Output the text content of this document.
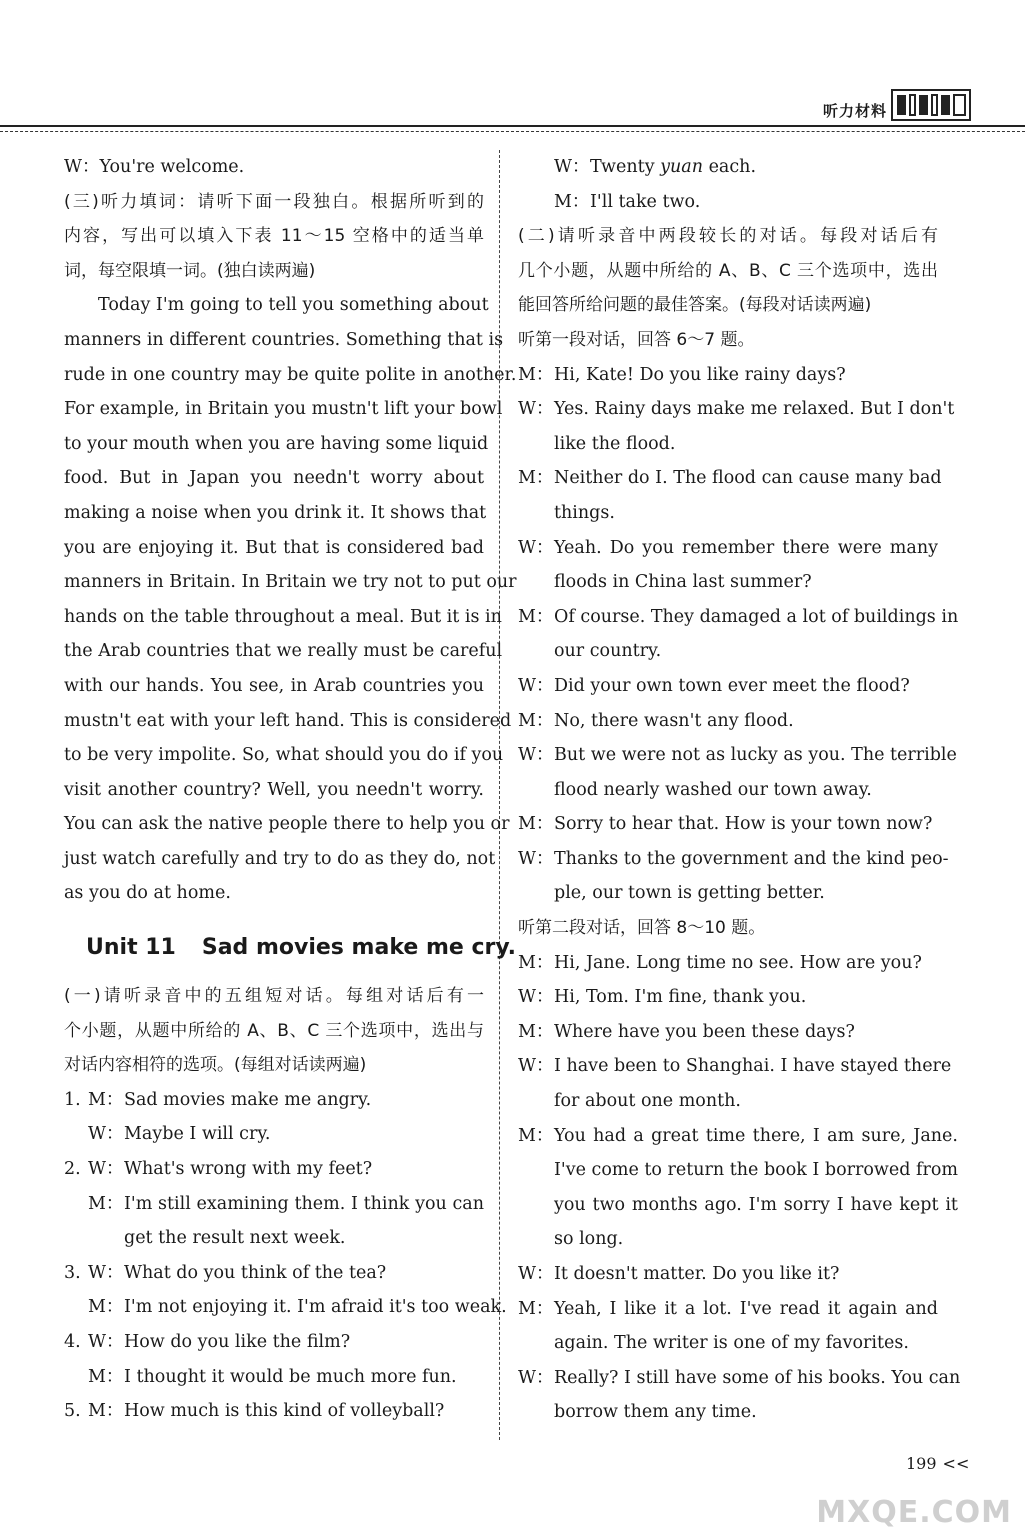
听力材料
W：You're welcome.
(三)听力填词：请听下面一段独白。根据所听到的
内容，写出可以填入下表 11～15 空格中的适当单
词，每空限填一词。(独白读两遍)
Today I'm going to tell you something about
manners in different countries. Something that is
rude in one country may be quite polite in another.
For example, in Britain you mustn't lift your bowl
to your mouth when you are having some liquid
food. But in Japan you needn't worry about
making a noise when you drink it. It shows that
you are enjoying it. But that is considered bad
manners in Britain. In Britain we try not to put our
hands on the table throughout a meal. But it is in
the Arab countries that we really must be careful
with our hands. You see, in Arab countries you
mustn't eat with your left hand. This is considered
to be very impolite. So, what should you do if you
visit another country? Well, you needn't worry.
You can ask the native people there to help you or
just watch carefully and try to do as they do, not
as you do at home.
Unit 11 Sad movies make me cry.
(一)请听录音中的五组短对话。每组对话后有一
个小题，从题中所给的 A、B、C 三个选项中，选出与
对话内容相符的选项。(每组对话读两遍)
1. M： Sad movies make me angry.
W： Maybe I will cry.
2. W： What's wrong with my feet?
M： I'm still examining them. I think you can
get the result next week.
3. W： What do you think of the tea?
M： I'm not enjoying it. I'm afraid it's too weak.
4. W： How do you like the film?
M： I thought it would be much more fun.
5. M： How much is this kind of volleyball?
W： Twenty yuan each.
M： I'll take two.
(二)请听录音中两段较长的对话。每段对话后有
几个小题，从题中所给的 A、B、C 三个选项中，选出
能回答所给问题的最佳答案。(每段对话读两遍)
听第一段对话，回答 6～7 题。
M： Hi, Kate! Do you like rainy days?
W： Yes. Rainy days make me relaxed. But I don't
like the flood.
M： Neither do I. The flood can cause many bad
things.
W： Yeah. Do you remember there were many
floods in China last summer?
M： Of course. They damaged a lot of buildings in
our country.
W： Did your own town ever meet the flood?
M： No, there wasn't any flood.
W： But we were not as lucky as you. The terrible
flood nearly washed our town away.
M： Sorry to hear that. How is your town now?
W： Thanks to the government and the kind peo-
ple, our town is getting better.
听第二段对话，回答 8～10 题。
M： Hi, Jane. Long time no see. How are you?
W： Hi, Tom. I'm fine, thank you.
M： Where have you been these days?
W： I have been to Shanghai. I have stayed there
for about one month.
M： You had a great time there, I am sure, Jane.
I've come to return the book I borrowed from
you two months ago. I'm sorry I have kept it
so long.
W： It doesn't matter. Do you like it?
M： Yeah, I like it a lot. I've read it again and
again. The writer is one of my favorites.
W： Really? I still have some of his books. You can
borrow them any time.
199 <<
MXQE.COM
